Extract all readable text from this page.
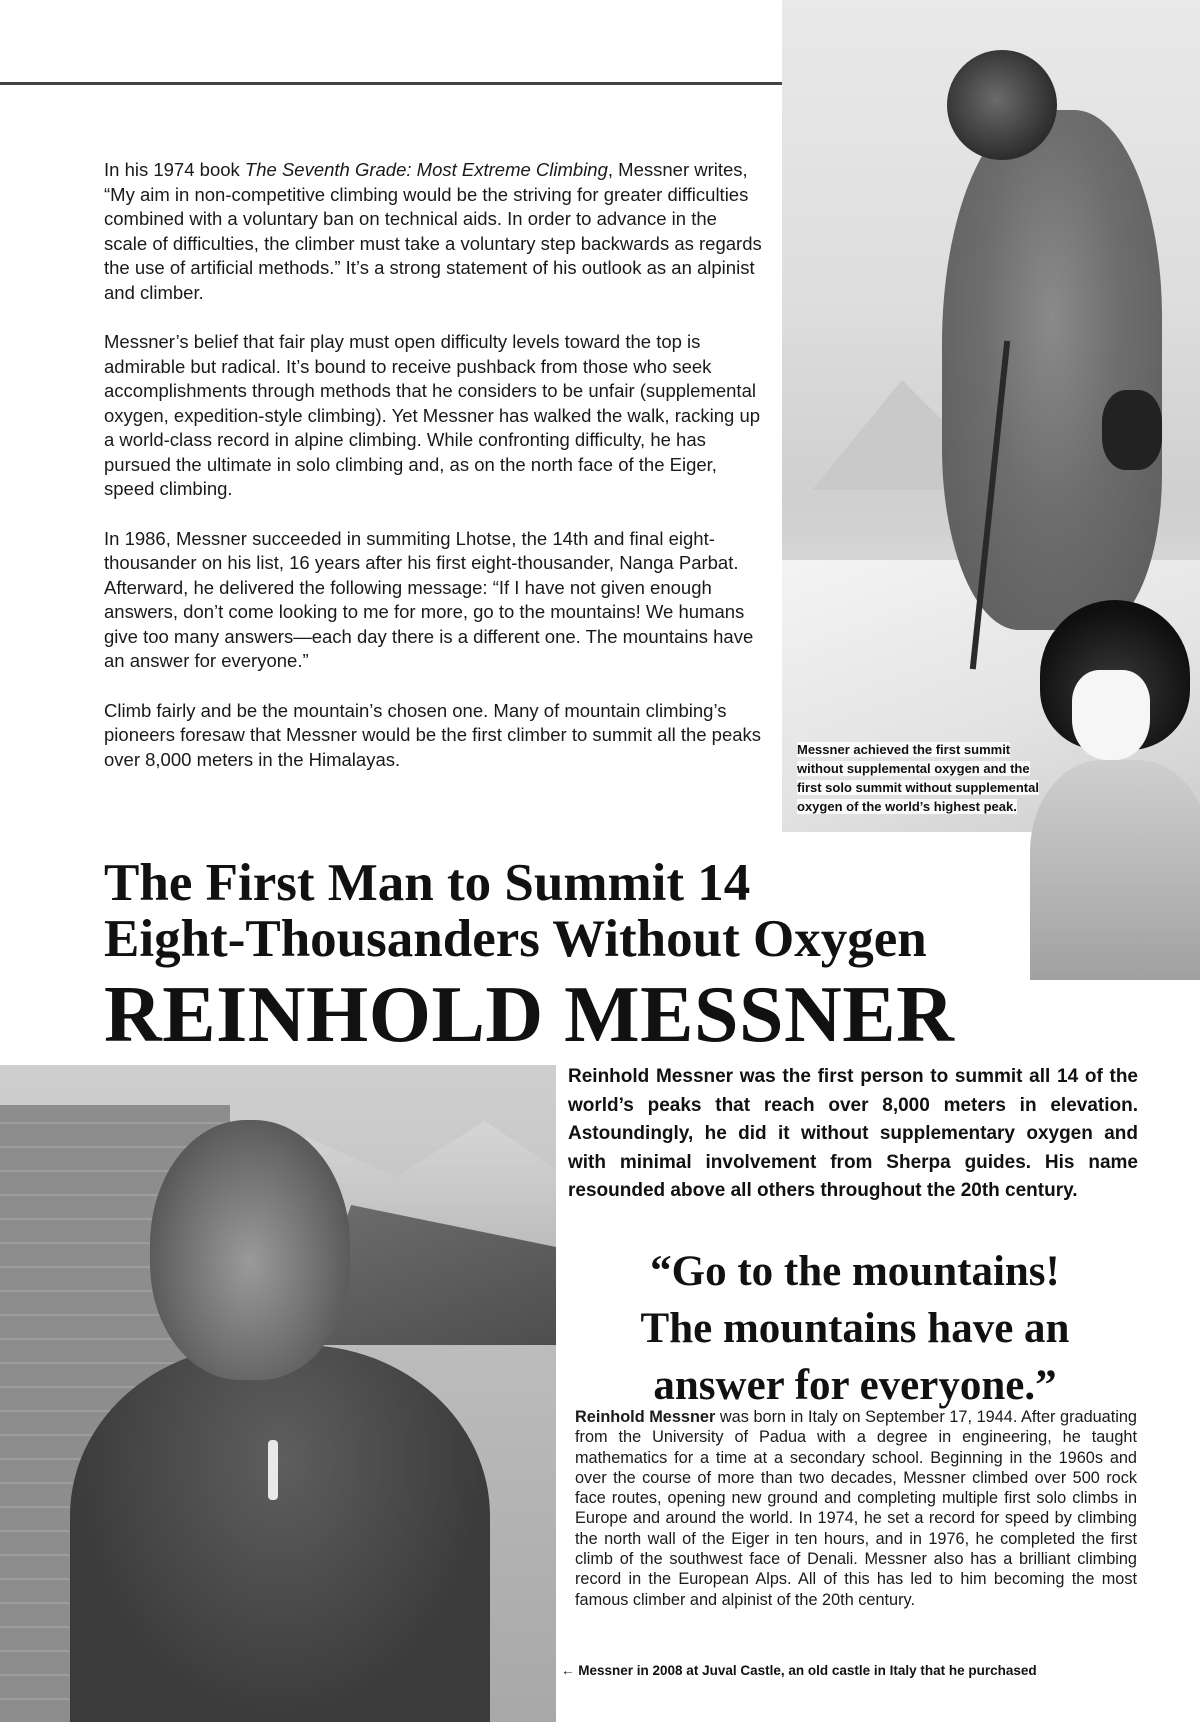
Messner achieved the first summit without supplemental oxygen and the first solo summit without supplemental oxygen of the world’s highest peak.

In his 1974 book The Seventh Grade: Most Extreme Climbing, Messner writes, “My aim in non-competitive climbing would be the striving for greater difficulties combined with a voluntary ban on technical aids. In order to advance in the scale of difficulties, the climber must take a voluntary step backwards as regards the use of artificial methods.” It’s a strong statement of his outlook as an alpinist and climber.

Messner’s belief that fair play must open difficulty levels toward the top is admirable but radical. It’s bound to receive pushback from those who seek accomplishments through methods that he considers to be unfair (supplemental oxygen, expedition-style climbing). Yet Messner has walked the walk, racking up a world-class record in alpine climbing. While confronting difficulty, he has pursued the ultimate in solo climbing and, as on the north face of the Eiger, speed climbing.

In 1986, Messner succeeded in summiting Lhotse, the 14th and final eight-thousander on his list, 16 years after his first eight-thousander, Nanga Parbat. Afterward, he delivered the following message: “If I have not given enough answers, don’t come looking to me for more, go to the mountains! We humans give too many answers—each day there is a different one. The mountains have an answer for everyone.”

Climb fairly and be the mountain’s chosen one. Many of mountain climbing’s pioneers foresaw that Messner would be the first climber to summit all the peaks over 8,000 meters in the Himalayas.

The First Man to Summit 14
Eight-Thousanders Without Oxygen
REINHOLD MESSNER
Reinhold Messner was the first person to summit all 14 of the world’s peaks that reach over 8,000 meters in elevation. Astoundingly, he did it without supplementary oxygen and with minimal involvement from Sherpa guides. His name resounded above all others throughout the 20th century.
“Go to the mountains!
The mountains have an
answer for everyone.”
Reinhold Messner was born in Italy on September 17, 1944. After graduating from the University of Padua with a degree in engineering, he taught mathematics for a time at a secondary school. Beginning in the 1960s and over the course of more than two decades, Messner climbed over 500 rock face routes, opening new ground and completing multiple first solo climbs in Europe and around the world. In 1974, he set a record for speed by climbing the north wall of the Eiger in ten hours, and in 1976, he completed the first climb of the southwest face of Denali. Messner also has a brilliant climbing record in the European Alps. All of this has led to him becoming the most famous climber and alpinist of the 20th century.
← Messner in 2008 at Juval Castle, an old castle in Italy that he purchased
